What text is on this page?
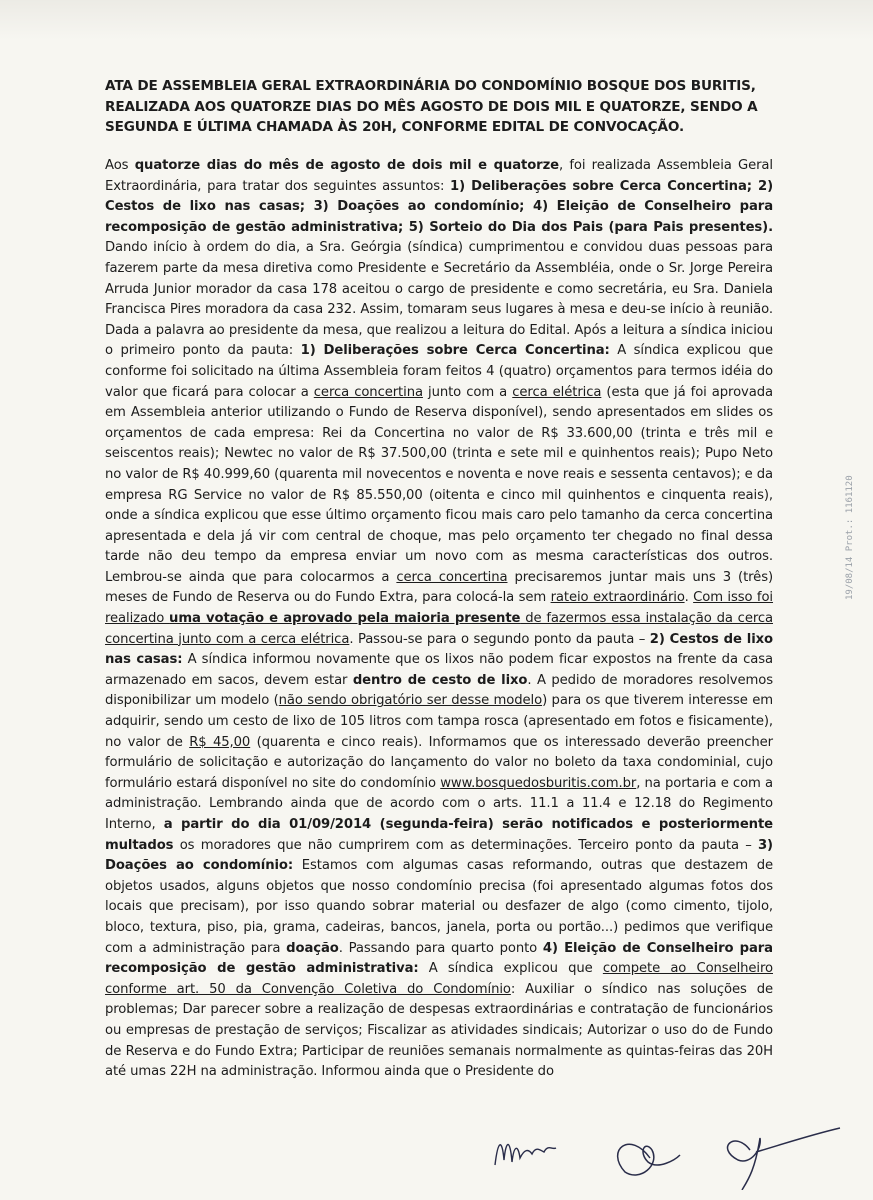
ATA DE ASSEMBLEIA GERAL EXTRAORDINÁRIA DO CONDOMÍNIO BOSQUE DOS BURITIS, REALIZADA AOS QUATORZE DIAS DO MÊS AGOSTO DE DOIS MIL E QUATORZE, SENDO A SEGUNDA E ÚLTIMA CHAMADA ÀS 20H, CONFORME EDITAL DE CONVOCAÇÃO.

Aos quatorze dias do mês de agosto de dois mil e quatorze, foi realizada Assembleia Geral Extraordinária, para tratar dos seguintes assuntos: 1) Deliberações sobre Cerca Concertina; 2) Cestos de lixo nas casas; 3) Doações ao condomínio; 4) Eleição de Conselheiro para recomposição de gestão administrativa; 5) Sorteio do Dia dos Pais (para Pais presentes). Dando início à ordem do dia, a Sra. Geórgia (síndica) cumprimentou e convidou duas pessoas para fazerem parte da mesa diretiva como Presidente e Secretário da Assembléia, onde o Sr. Jorge Pereira Arruda Junior morador da casa 178 aceitou o cargo de presidente e como secretária, eu Sra. Daniela Francisca Pires moradora da casa 232. Assim, tomaram seus lugares à mesa e deu-se início à reunião. Dada a palavra ao presidente da mesa, que realizou a leitura do Edital. Após a leitura a síndica iniciou o primeiro ponto da pauta: 1) Deliberações sobre Cerca Concertina: A síndica explicou que conforme foi solicitado na última Assembleia foram feitos 4 (quatro) orçamentos para termos idéia do valor que ficará para colocar a cerca concertina junto com a cerca elétrica (esta que já foi aprovada em Assembleia anterior utilizando o Fundo de Reserva disponível), sendo apresentados em slides os orçamentos de cada empresa: Rei da Concertina no valor de R$ 33.600,00 (trinta e três mil e seiscentos reais); Newtec no valor de R$ 37.500,00 (trinta e sete mil e quinhentos reais); Pupo Neto no valor de R$ 40.999,60 (quarenta mil novecentos e noventa e nove reais e sessenta centavos); e da empresa RG Service no valor de R$ 85.550,00 (oitenta e cinco mil quinhentos e cinquenta reais), onde a síndica explicou que esse último orçamento ficou mais caro pelo tamanho da cerca concertina apresentada e dela já vir com central de choque, mas pelo orçamento ter chegado no final dessa tarde não deu tempo da empresa enviar um novo com as mesma características dos outros. Lembrou-se ainda que para colocarmos a cerca concertina precisaremos juntar mais uns 3 (três) meses de Fundo de Reserva ou do Fundo Extra, para colocá-la sem rateio extraordinário. Com isso foi realizado uma votação e aprovado pela maioria presente de fazermos essa instalação da cerca concertina junto com a cerca elétrica. Passou-se para o segundo ponto da pauta – 2) Cestos de lixo nas casas: A síndica informou novamente que os lixos não podem ficar expostos na frente da casa armazenado em sacos, devem estar dentro de cesto de lixo. A pedido de moradores resolvemos disponibilizar um modelo (não sendo obrigatório ser desse modelo) para os que tiverem interesse em adquirir, sendo um cesto de lixo de 105 litros com tampa rosca (apresentado em fotos e fisicamente), no valor de R$ 45,00 (quarenta e cinco reais). Informamos que os interessado deverão preencher formulário de solicitação e autorização do lançamento do valor no boleto da taxa condominial, cujo formulário estará disponível no site do condomínio www.bosquedosburitis.com.br, na portaria e com a administração. Lembrando ainda que de acordo com o arts. 11.1 a 11.4 e 12.18 do Regimento Interno, a partir do dia 01/09/2014 (segunda-feira) serão notificados e posteriormente multados os moradores que não cumprirem com as determinações. Terceiro ponto da pauta – 3) Doações ao condomínio: Estamos com algumas casas reformando, outras que destazem de objetos usados, alguns objetos que nosso condomínio precisa (foi apresentado algumas fotos dos locais que precisam), por isso quando sobrar material ou desfazer de algo (como cimento, tijolo, bloco, textura, piso, pia, grama, cadeiras, bancos, janela, porta ou portão...) pedimos que verifique com a administração para doação. Passando para quarto ponto 4) Eleição de Conselheiro para recomposição de gestão administrativa: A síndica explicou que compete ao Conselheiro conforme art. 50 da Convenção Coletiva do Condomínio: Auxiliar o síndico nas soluções de problemas; Dar parecer sobre a realização de despesas extraordinárias e contratação de funcionários ou empresas de prestação de serviços; Fiscalizar as atividades sindicais; Autorizar o uso do de Fundo de Reserva e do Fundo Extra; Participar de reuniões semanais normalmente as quintas-feiras das 20H até umas 22H na administração. Informou ainda que o Presidente do

19/08/14 Prot.: 1161120
